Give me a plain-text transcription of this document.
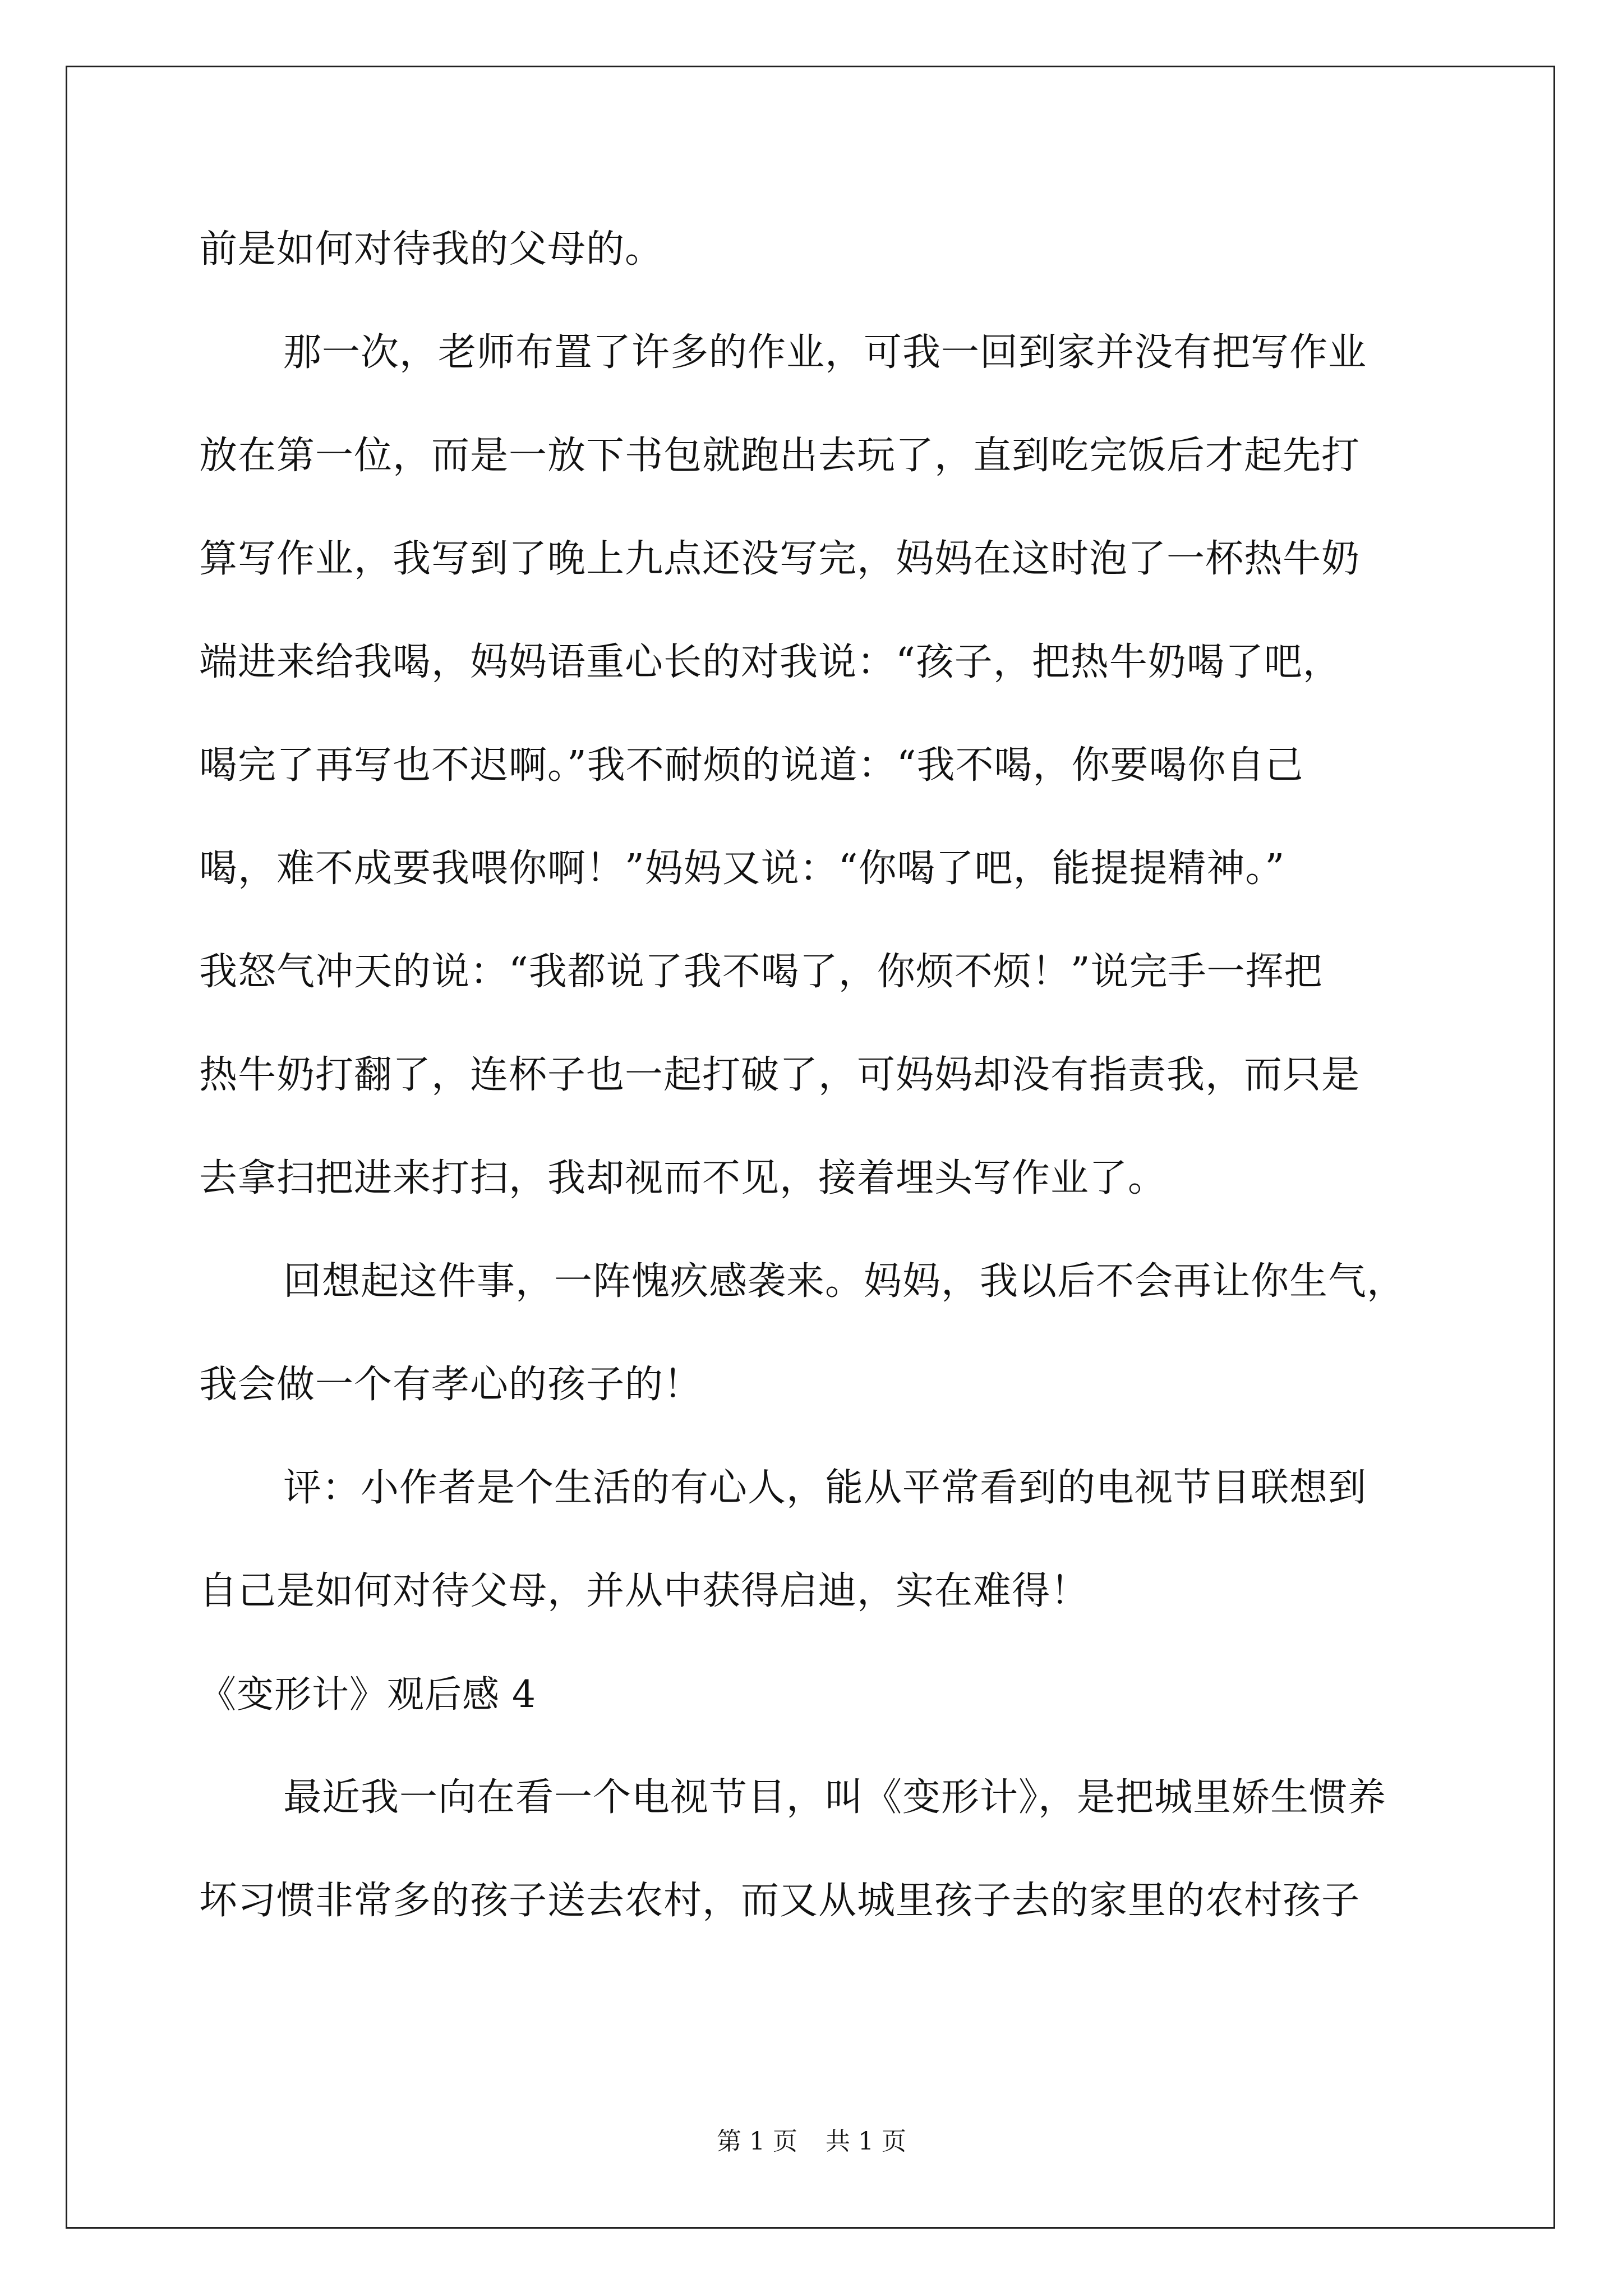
前是如何对待我的父母的。
那一次，老师布置了许多的作业，可我一回到家并没有把写作业
放在第一位，而是一放下书包就跑出去玩了，直到吃完饭后才起先打
算写作业，我写到了晚上九点还没写完，妈妈在这时泡了一杯热牛奶
端进来给我喝，妈妈语重心长的对我说：“孩子，把热牛奶喝了吧，
喝完了再写也不迟啊。”我不耐烦的说道：“我不喝，你要喝你自己
喝，难不成要我喂你啊！”妈妈又说：“你喝了吧，能提提精神。”
我怒气冲天的说：“我都说了我不喝了，你烦不烦！”说完手一挥把
热牛奶打翻了，连杯子也一起打破了，可妈妈却没有指责我，而只是
去拿扫把进来打扫，我却视而不见，接着埋头写作业了。
回想起这件事，一阵愧疚感袭来。妈妈，我以后不会再让你生气，
我会做一个有孝心的孩子的！
评：小作者是个生活的有心人，能从平常看到的电视节目联想到
自己是如何对待父母，并从中获得启迪，实在难得！
《变形计》观后感 4
最近我一向在看一个电视节目，叫《变形计》，是把城里娇生惯养
坏习惯非常多的孩子送去农村，而又从城里孩子去的家里的农村孩子
第 1 页 共 1 页
